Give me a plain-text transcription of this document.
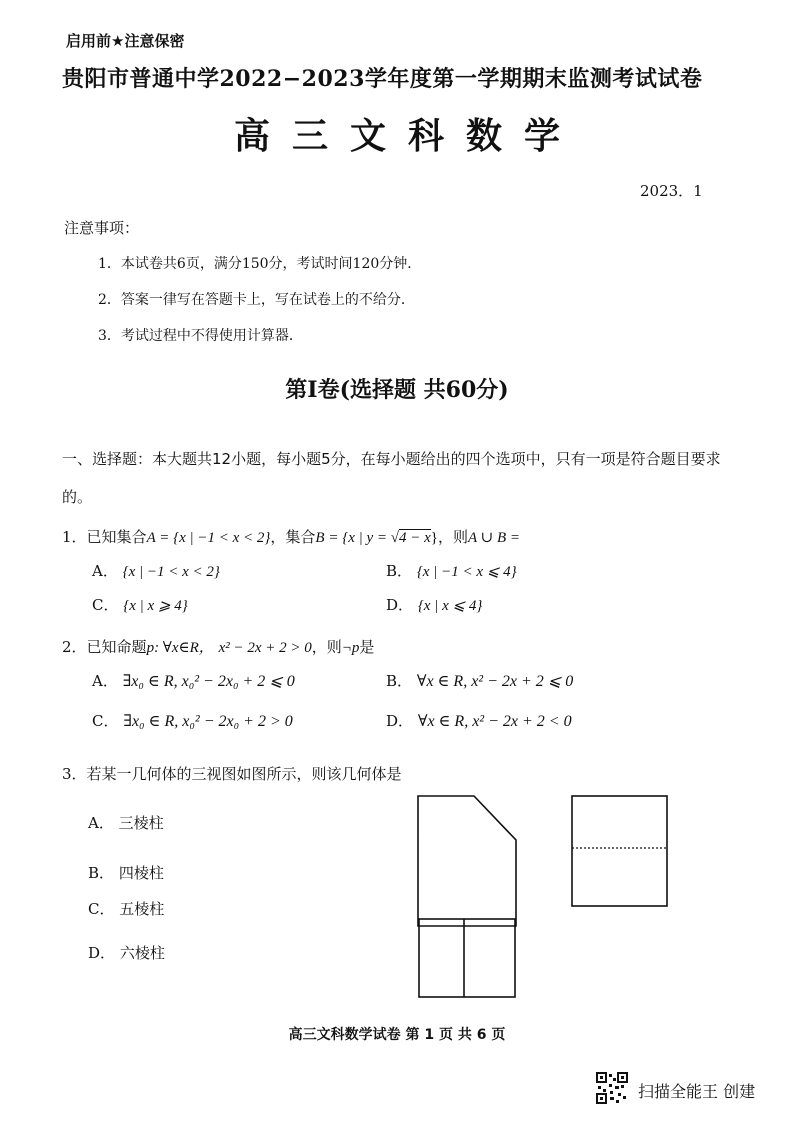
启用前★注意保密
贵阳市普通中学2022−2023学年度第一学期期末监测考试试卷
高三文科数学
2023．1
注意事项：
1．本试卷共6页，满分150分，考试时间120分钟．
2．答案一律写在答题卡上，写在试卷上的不给分．
3．考试过程中不得使用计算器．
第I卷(选择题 共60分)
一、选择题：本大题共12小题，每小题5分，在每小题给出的四个选项中，只有一项是符合题目要求的。
1．已知集合A = {x | −1 < x < 2}，集合B = {x | y = √4 − x}，则A ∪ B =
A． {x | −1 < x < 2}	B． {x | −1 < x ⩽ 4}
C． {x | x ⩾ 4}	D． {x | x ⩽ 4}
2．已知命题p: ∀x∈R， x² − 2x + 2 > 0，则¬p是
A． ∃x₀ ∈ R, x₀² − 2x₀ + 2 ⩽ 0	B． ∀x ∈ R, x² − 2x + 2 ⩽ 0
C． ∃x₀ ∈ R, x₀² − 2x₀ + 2 > 0	D． ∀x ∈ R, x² − 2x + 2 < 0
3．若某一几何体的三视图如图所示，则该几何体是
A． 三棱柱
B． 四棱柱
C． 五棱柱
D． 六棱柱
高三文科数学试卷 第 1 页 共 6 页
扫描全能王 创建
